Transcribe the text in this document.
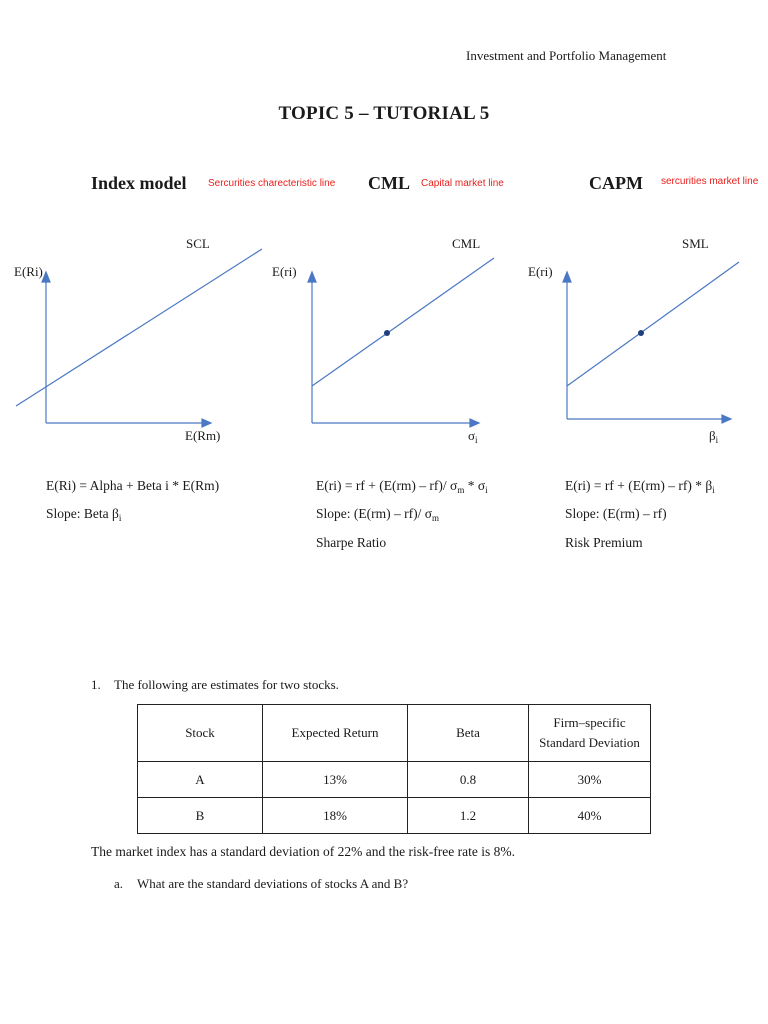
Investment and Portfolio Management
TOPIC 5 – TUTORIAL 5
Index model Sercurities charecteristic line CML Capital market line	CAPM sercurities market line
SCL
E(Ri)
E(Rm)
CML
E(ri)
$\sigma_i$
SML
E(ri)
$\beta_i$
E(Ri) = Alpha + Beta i * E(Rm)
Slope: Beta $\beta_i$
E(ri) = rf + (E(rm) – rf)/ $\sigma_m * \sigma_i$
Slope: (E(rm) – rf)/ $\sigma_m$
Sharpe Ratio
E(ri) = rf + $(E(rm) - rf) * \beta_i$
Slope: (E(rm) – rf)
Risk Premium
1. The following are estimates for two stocks.
Stock	Expected Return	Beta	Firm–specific
Standard Deviation
A	13%	0.8	30%
B	18%	1.2	40%
The market index has a standard deviation of 22% and the risk-free rate is 8%.
a. What are the standard deviations of stocks A and B?
